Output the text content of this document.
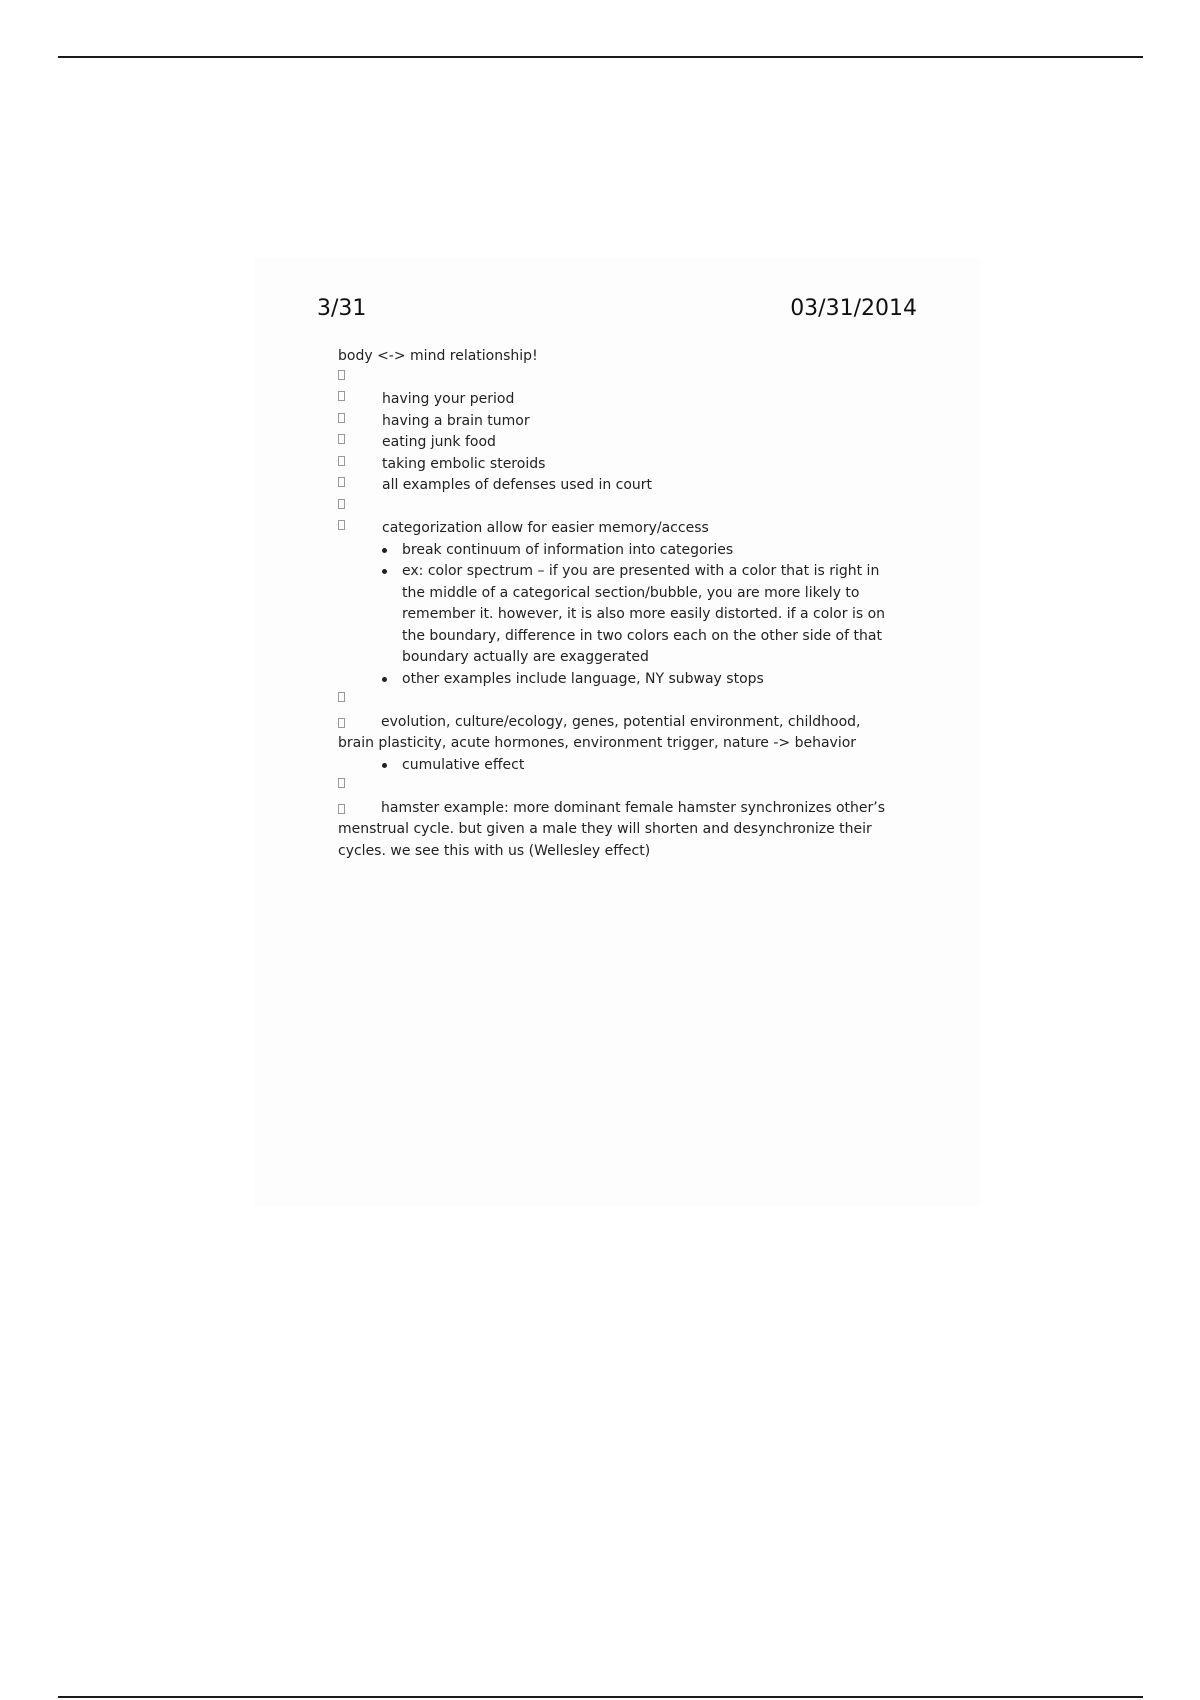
3/31	03/31/2014
body <-> mind relationship!
having your period
having a brain tumor
eating junk food
taking embolic steroids
all examples of defenses used in court
categorization allow for easier memory/access
break continuum of information into categories
ex: color spectrum – if you are presented with a color that is right in the middle of a categorical section/bubble, you are more likely to remember it. however, it is also more easily distorted. if a color is on the boundary, difference in two colors each on the other side of that boundary actually are exaggerated
other examples include language, NY subway stops
evolution, culture/ecology, genes, potential environment, childhood, brain plasticity, acute hormones, environment trigger, nature -> behavior
cumulative effect
hamster example: more dominant female hamster synchronizes other’s menstrual cycle. but given a male they will shorten and desynchronize their cycles. we see this with us (Wellesley effect)
